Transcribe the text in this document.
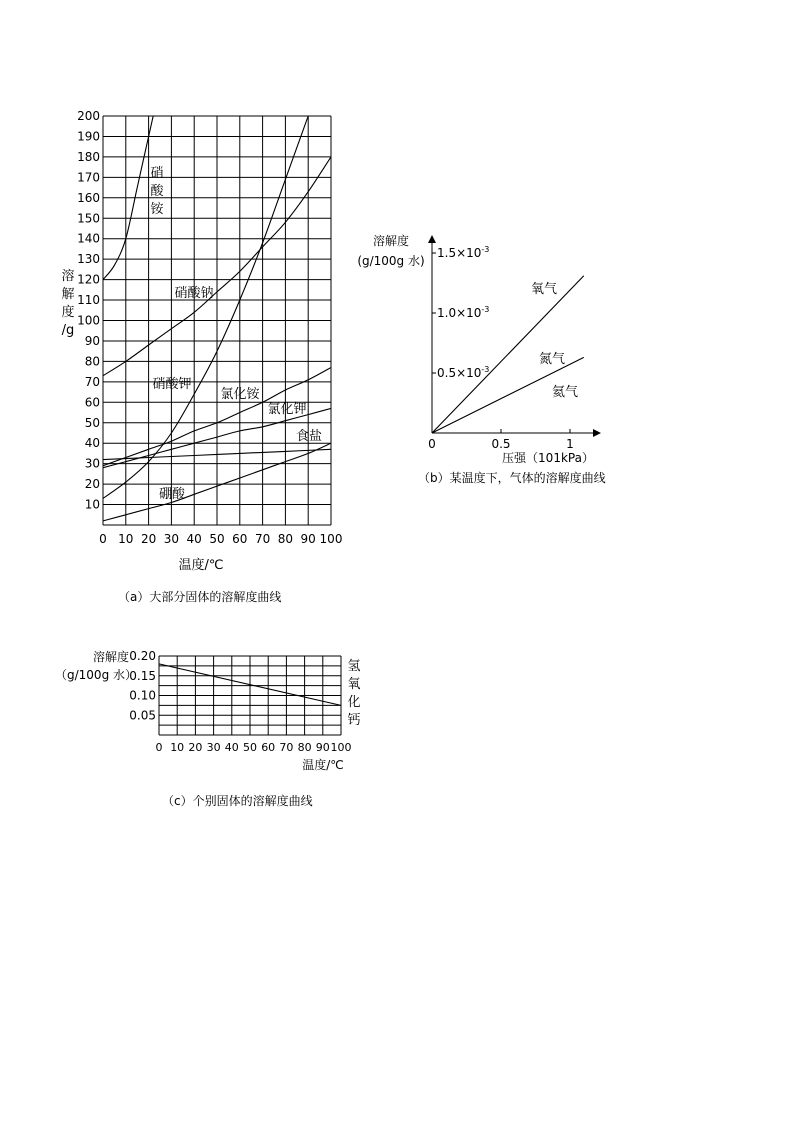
0 10 20 30 40 50 60 70 80 90 100
10
20
30
40
50
60
70
80
90
100
110
120
130
140
150
160
170
180
190
200
温度/℃
溶
解
度
/g
硝
酸
铵
硝酸钠
硝酸钾
氯化铵
氯化钾
食盐
硼酸
0	0.5	1
$0.5\times 10^{-3}$
$1.0\times 10^{-3}$
$1.5\times 10^{-3}$
氧气
氮气
氦气
溶解度
(g/100g 水)
压强（101kPa）
0 10 20 30 40 50 60 70 80 90 100
0.05
0.10
0.15
0.20
氢
氧
化
钙
溶解度
（g/100g 水）
温度/℃
（a）大部分固体的溶解度曲线
（b）某温度下，气体的溶解度曲线
（c）个别固体的溶解度曲线
